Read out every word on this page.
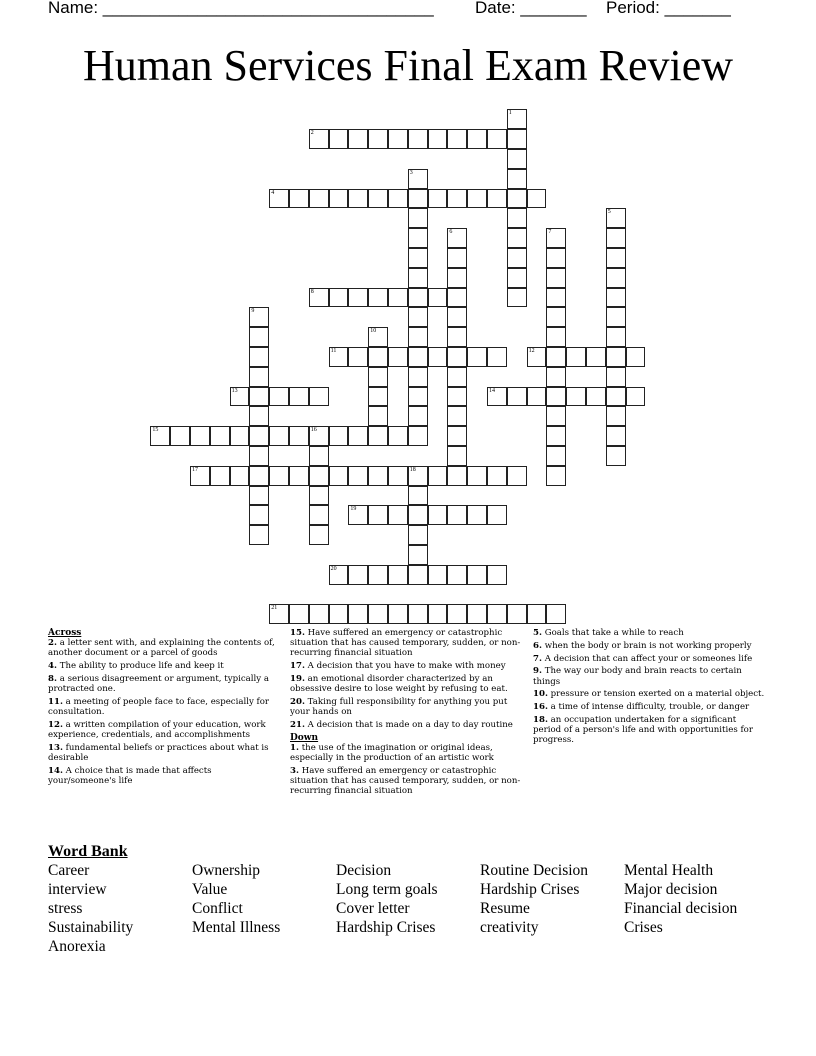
Name: ___________________________________ Date: _______ Period: _______
Human Services Final Exam Review
1
2
3
4
5
6	7
8
9
10
11	12
13	14
15	16
17	18
19
20
21
Across
2. a letter sent with, and explaining the contents of, another document or a parcel of goods
4. The ability to produce life and keep it
8. a serious disagreement or argument, typically a protracted one.
11. a meeting of people face to face, especially for consultation.
12. a written compilation of your education, work experience, credentials, and accomplishments
13. fundamental beliefs or practices about what is desirable
14. A choice that is made that affects your/someone's life
15. Have suffered an emergency or catastrophic situation that has caused temporary, sudden, or non-recurring financial situation
17. A decision that you have to make with money
19. an emotional disorder characterized by an obsessive desire to lose weight by refusing to eat.
20. Taking full responsibility for anything you put your hands on
21. A decision that is made on a day to day routine
Down
1. the use of the imagination or original ideas, especially in the production of an artistic work
3. Have suffered an emergency or catastrophic situation that has caused temporary, sudden, or non-recurring financial situation
5. Goals that take a while to reach
6. when the body or brain is not working properly
7. A decision that can affect your or someones life
9. The way our body and brain reacts to certain things
10. pressure or tension exerted on a material object.
16. a time of intense difficulty, trouble, or danger
18. an occupation undertaken for a significant period of a person's life and with opportunities for progress.
Word Bank
Career
interview
stress
Sustainability
Anorexia
Ownership
Value
Conflict
Mental Illness
Decision
Long term goals
Cover letter
Hardship Crises
Routine Decision
Hardship Crises
Resume
creativity
Mental Health
Major decision
Financial decision
Crises
